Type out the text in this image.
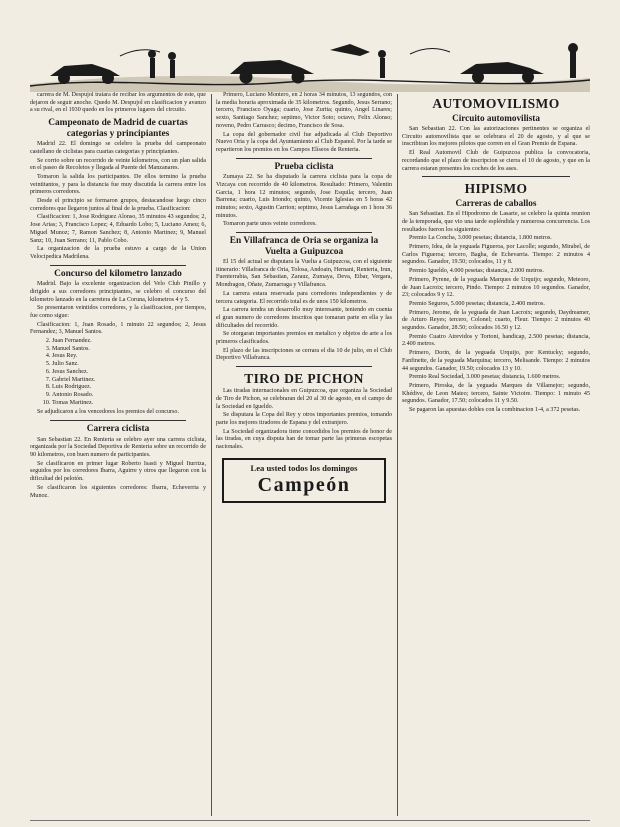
carrera de M. Despujol tratara de recibar los argumentos de este, que dejaron de seguir anoche. Quedo M. Despujol en clasificacion y avanzo a su rival, en el 1930 quedo en los primeros lugares del circuito.

Campeonato de Madrid de cuartas categorias y principiantes

Madrid 22. El domingo se celebro la prueba del campeonato castellano de ciclistas para cuartas categorias y principiantes.

Se corrio sobre un recorrido de veinte kilometros, con un plan salida en el paseo de Recoletos y llegada al Puente del Manzanares.

Tomaron la salida los participantes. De ellos termino la prueba veintitantos, y para la distancia fue muy discutida la carrera entre los primeros corredores.

Desde el principio se formaron grupos, destacandose luego cinco corredores que llegaron juntos al final de la prueba. Clasificacion:

Clasificacion: 1, Jose Rodriguez Alonso, 35 minutos 43 segundos; 2, Jose Arias; 3, Francisco Lopez; 4, Eduardo Lobo; 5, Luciano Ameu; 6, Miguel Munoz; 7, Ramon Sanchez; 8, Antonio Martinez; 9, Manuel Sanz; 10, Juan Serrano; 11, Pablo Cobo.

La organizacion de la prueba estuvo a cargo de la Union Velocipedica Madrilena.

Concurso del kilometro lanzado

Madrid. Bajo la excelente organizacion del Velo Club Pinillo y dirigido a sus corredores principiantes, se celebro el concurso del kilometro lanzado en la carretera de La Coruna, kilometros 4 y 5.

Se presentaron veintidos corredores, y la clasificacion, por tiempos, fue como sigue:

Clasificacion: 1, Juan Rosado, 1 minuto 22 segundos; 2, Jesus Fernandez; 3, Manuel Santos.

2. Juan Fernandez.
3. Manuel Santos.
4. Jesus Rey.
5. Julio Sanz.
6. Jesus Sanchez.
7. Gabriel Martinez.
8. Luis Rodriguez.
9. Antonio Rosado.
10. Tomas Martinez.

Se adjudicaron a los vencedores los premios del concurso.

Carrera ciclista

San Sebastian 22. En Renteria se celebro ayer una carrera ciclista, organizada por la Sociedad Deportiva de Renteria sobre un recorrido de 90 kilometros, con buen numero de participantes.

Se clasificaron en primer lugar Roberto Isasti y Miguel Iturriza, seguidos por los corredores Ibarra, Aguirre y otros que llegaron con la dificultad del pelotón.

Se clasificaron los siguientes corredores: Ibarra, Echeverria y Munoz.

Primero, Luciano Montero, en 2 horas 34 minutos, 13 segundos, con la media horaria aproximada de 35 kilometros. Segundo, Jesus Serrano; tercero, Francisco Oyaga; cuarto, Jose Zurita; quinto, Angel Linares; sexto, Santiago Sanchez; septimo, Victor Soto; octavo, Felix Alonso; noveno, Pedro Carrasco; decimo, Francisco de Sosa.

La copa del gobernador civil fue adjudicada al Club Deportivo Nuevo Oria y la copa del Ayuntamiento al Club Espanol. Por la tarde se repartieron los premios en los Campos Elíseos de Renteria.

Prueba ciclista

Zumaya 22. Se ha disputado la carrera ciclista para la copa de Vizcaya con recorrido de 40 kilometros. Resultado: Primero, Valentin Garcia, 1 hora 12 minutos; segundo, Jose Esquila; tercero, Juan Barrena; cuarto, Luis Iriondo; quinto, Vicente Iglesias en 5 horas 42 minutos; sexto, Agustin Carrion; septimo, Jesus Larrañaga en 1 hora 36 minutos.

Tomaron parte unos veinte corredores.

En Villafranca de Oria se organiza la Vuelta a Guipuzcoa

El 15 del actual se disputara la Vuelta a Guipuzcoa, con el siguiente itinerario: Villafranca de Oria, Tolosa, Andoain, Hernani, Renteria, Irun, Fuenterrabia, San Sebastian, Zarauz, Zumaya, Deva, Eibar, Vergara, Mondragon, Oñate, Zumarraga y Villafranca.

La carrera estara reservada para corredores independientes y de tercera categoria. El recorrido total es de unos 150 kilometros.

La carrera tendra un desarrollo muy interesante, teniendo en cuenta el gran numero de corredores inscritos que tomaran parte en ella y las dificultades del recorrido.

Se otorgaran importantes premios en metalico y objetos de arte a los primeros clasificados.

El plazo de las inscripciones se cerrara el dia 10 de julio, en el Club Deportivo Villafranca.

TIRO DE PICHON

Las tiradas internacionales en Guipuzcoa, que organiza la Sociedad de Tiro de Pichon, se celebraran del 20 al 30 de agosto, en el campo de la Sociedad en Igueldo.

Se disputara la Copa del Rey y otros importantes premios, tomando parte los mejores tiradores de Espana y del extranjero.

La Sociedad organizadora tiene concedidos los premios de honor de las tiradas, en cuya disputa han de tomar parte las primeras escopetas nacionales.

Lea usted todos los domingos
Campeón
AUTOMOVILISMO
Circuito automovilista

San Sebastian 22. Con las autorizaciones pertinentes se organiza el Circuito automovilista que se celebrara el 20 de agosto, y al que se inscribiran los mejores pilotos que corren en el Gran Premio de Espana.

El Real Automovil Club de Guipuzcoa publica la convocatoria, recordando que el plazo de inscripcion se cierra el 10 de agosto, y que en la carrera estaran presentes los coches de los ases.

HIPISMO
Carreras de caballos

San Sebastian. En el Hipodromo de Lasarte, se celebro la quinta reunion de la temporada, que vio una tarde espléndida y numerosa concurrencia. Los resultados fueron los siguientes:

Premio La Concha, 3.000 pesetas; distancia, 1.800 metros.

Primero, Idea, de la yeguada Figueroa, por Lacolle; segundo, Mirabel, de Carlos Figueroa; tercero, Bagha, de Echevarria. Tiempo: 2 minutos 4 segundos. Ganador, 19.50; colocados, 11 y 8.

Premio Igueldo, 4.000 pesetas; distancia, 2.000 metros.

Primero, Pyrene, de la yeguada Marques de Urquijo; segundo, Meteoro, de Juan Lacroix; tercero, Pindo. Tiempo: 2 minutos 10 segundos. Ganador, 23; colocados 9 y 12.

Premio Seguros, 5.000 pesetas; distancia, 2.400 metros.

Primero, Jerome, de la yeguada de Juan Lacroix; segundo, Daydreamer, de Arturo Reyes; tercero, Colonel; cuarto, Fleur. Tiempo: 2 minutos 40 segundos. Ganador, 28.50; colocados 16.50 y 12.

Premio Cuatro Atrevidos y Tortoni, handicap, 2.500 pesetas; distancia, 2.400 metros.

Primero, Dorin, de la yeguada Urquijo, por Kentucky; segundo, Fanfinette, de la yeguada Marquina; tercero, Melisande. Tiempo: 2 minutos 44 segundos. Ganador, 19.50; colocados 13 y 10.

Premio Real Sociedad, 3.000 pesetas; distancia, 1.600 metros.

Primero, Piroska, de la yeguada Marques de Villamejor; segundo, Khédive, de Leon Mateo; tercero, Sainte Victoire. Tiempo: 1 minuto 45 segundos. Ganador, 17.50; colocados 11 y 9.50.

Se pagaron las apuestas dobles con la combinacion 1-4, a 372 pesetas.
